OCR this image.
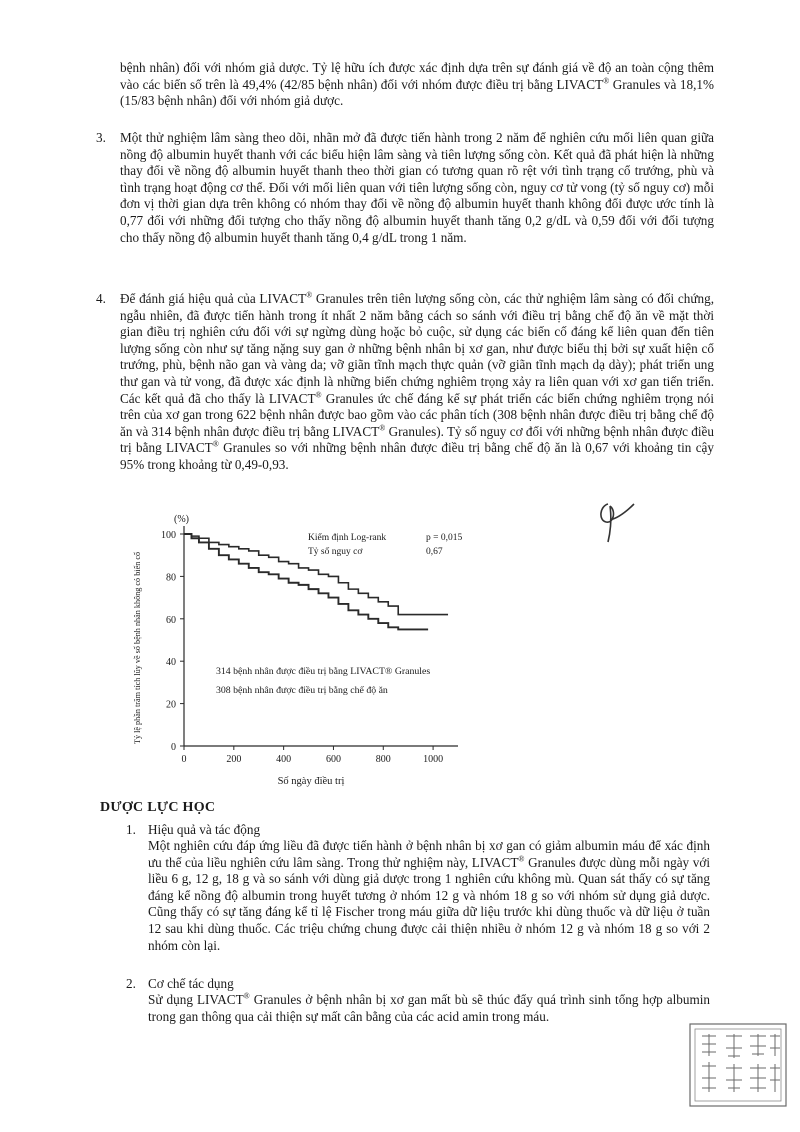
bệnh nhân) đối với nhóm giả dược. Tỷ lệ hữu ích được xác định dựa trên sự đánh giá về độ an toàn cộng thêm vào các biến số trên là 49,4% (42/85 bệnh nhân) đối với nhóm được điều trị bằng LIVACT® Granules và 18,1% (15/83 bệnh nhân) đối với nhóm giả dược.

3. Một thử nghiệm lâm sàng theo dõi, nhãn mở đã được tiến hành trong 2 năm để nghiên cứu mối liên quan giữa nồng độ albumin huyết thanh với các biểu hiện lâm sàng và tiên lượng sống còn. Kết quả đã phát hiện là những thay đổi về nồng độ albumin huyết thanh theo thời gian có tương quan rõ rệt với tình trạng cổ trướng, phù và tình trạng hoạt động cơ thể. Đối với mối liên quan với tiên lượng sống còn, nguy cơ tử vong (tỷ số nguy cơ) mỗi đơn vị thời gian dựa trên không có nhóm thay đổi về nồng độ albumin huyết thanh không đổi được ước tính là 0,77 đối với những đối tượng cho thấy nồng độ albumin huyết thanh tăng 0,2 g/dL và 0,59 đối với đối tượng cho thấy nồng độ albumin huyết thanh tăng 0,4 g/dL trong 1 năm.

4. Để đánh giá hiệu quả của LIVACT® Granules trên tiên lượng sống còn, các thử nghiệm lâm sàng có đối chứng, ngẫu nhiên, đã được tiến hành trong ít nhất 2 năm bằng cách so sánh với điều trị bằng chế độ ăn về mặt thời gian điều trị nghiên cứu đối với sự ngừng dùng hoặc bỏ cuộc, sử dụng các biến cố đáng kể liên quan đến tiên lượng sống còn như sự tăng nặng suy gan ở những bệnh nhân bị xơ gan, như được biểu thị bởi sự xuất hiện cổ trướng, phù, bệnh não gan và vàng da; vỡ giãn tĩnh mạch thực quản (vỡ giãn tĩnh mạch dạ dày); phát triển ung thư gan và tử vong, đã được xác định là những biến chứng nghiêm trọng xảy ra liên quan với xơ gan tiến triển. Các kết quả đã cho thấy là LIVACT® Granules ức chế đáng kể sự phát triển các biến chứng nghiêm trọng nói trên của xơ gan trong 622 bệnh nhân được bao gồm vào các phân tích (308 bệnh nhân được điều trị bằng chế độ ăn và 314 bệnh nhân được điều trị bằng LIVACT® Granules). Tỷ số nguy cơ đối với những bệnh nhân được điều trị bằng LIVACT® Granules so với những bệnh nhân được điều trị bằng chế độ ăn là 0,67 với khoảng tin cậy 95% trong khoảng từ 0,49-0,93.

0
20
40
60
80
100
(%)
0	200	400	600	800	1000
Số ngày điều trị
Tỷ lệ phần trăm tích lũy về số bệnh nhân không có biến cố
Kiểm định Log-rank	p = 0,015
Tỷ số nguy cơ	0,67
314 bệnh nhân được điều trị bằng LIVACT® Granules
308 bệnh nhân được điều trị bằng chế độ ăn
DƯỢC LỰC HỌC
1. Hiệu quả và tác động

Một nghiên cứu đáp ứng liều đã được tiến hành ở bệnh nhân bị xơ gan có giảm albumin máu để xác định ưu thế của liều nghiên cứu lâm sàng. Trong thử nghiệm này, LIVACT® Granules được dùng mỗi ngày với liều 6 g, 12 g, 18 g và so sánh với dùng giả dược trong 1 nghiên cứu không mù. Quan sát thấy có sự tăng đáng kể nồng độ albumin trong huyết tương ở nhóm 12 g và nhóm 18 g so với nhóm sử dụng giả dược. Cũng thấy có sự tăng đáng kể tỉ lệ Fischer trong máu giữa dữ liệu trước khi dùng thuốc và dữ liệu ở tuần 12 sau khi dùng thuốc. Các triệu chứng chung được cải thiện nhiều ở nhóm 12 g và nhóm 18 g so với 2 nhóm còn lại.

2. Cơ chế tác dụng

Sử dụng LIVACT® Granules ở bệnh nhân bị xơ gan mất bù sẽ thúc đẩy quá trình sinh tổng hợp albumin trong gan thông qua cải thiện sự mất cân bằng của các acid amin trong máu.
